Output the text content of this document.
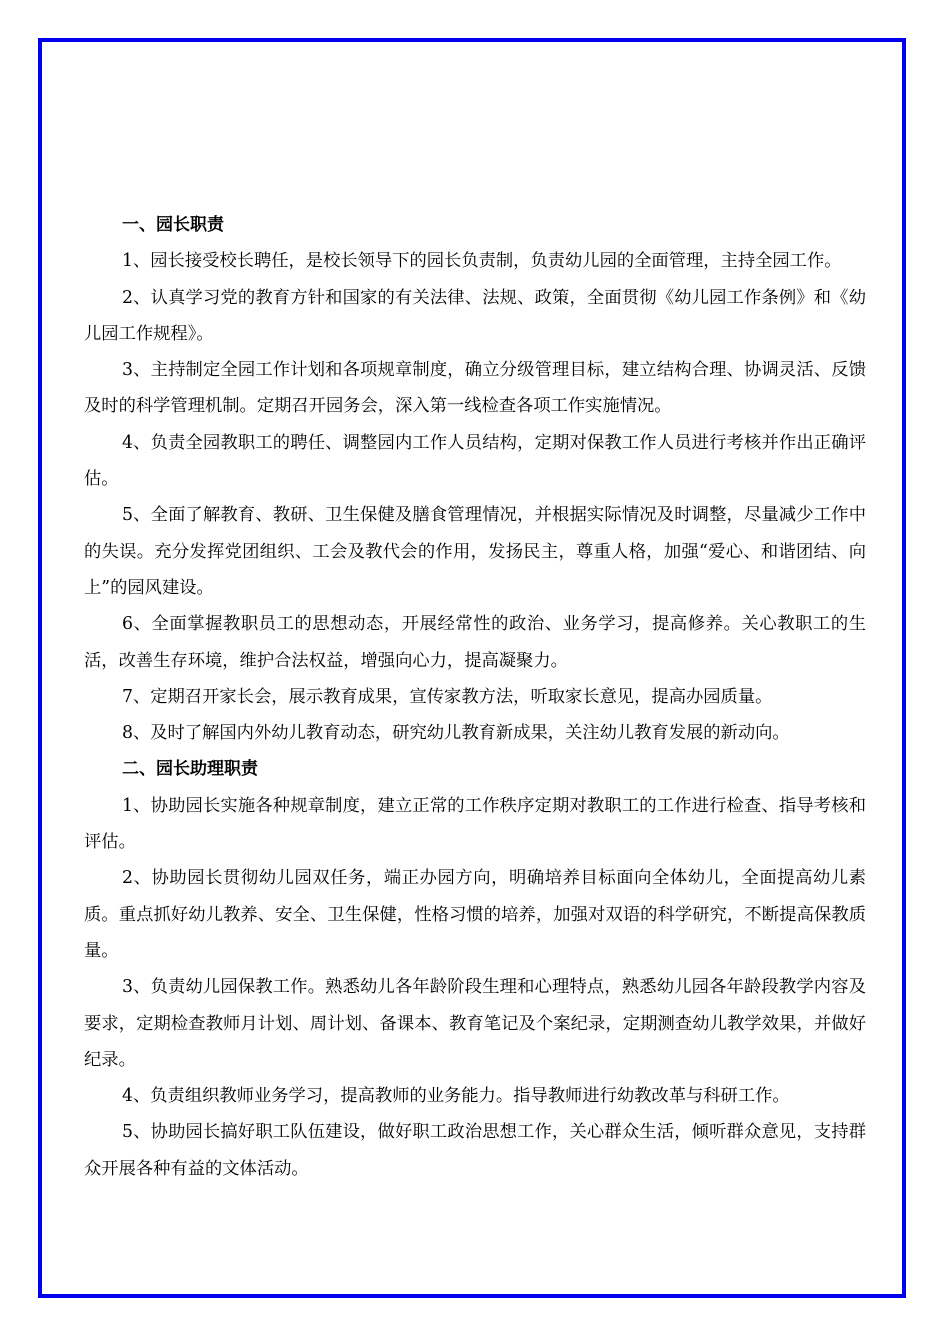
一、园长职责

1、园长接受校长聘任，是校长领导下的园长负责制，负责幼儿园的全面管理，主持全园工作。

2、认真学习党的教育方针和国家的有关法律、法规、政策，全面贯彻《幼儿园工作条例》和《幼儿园工作规程》。

3、主持制定全园工作计划和各项规章制度，确立分级管理目标，建立结构合理、协调灵活、反馈及时的科学管理机制。定期召开园务会，深入第一线检查各项工作实施情况。

4、负责全园教职工的聘任、调整园内工作人员结构，定期对保教工作人员进行考核并作出正确评估。

5、全面了解教育、教研、卫生保健及膳食管理情况，并根据实际情况及时调整，尽量减少工作中的失误。充分发挥党团组织、工会及教代会的作用，发扬民主，尊重人格，加强“爱心、和谐团结、向上”的园风建设。

6、全面掌握教职员工的思想动态，开展经常性的政治、业务学习，提高修养。关心教职工的生活，改善生存环境，维护合法权益，增强向心力，提高凝聚力。

7、定期召开家长会，展示教育成果，宣传家教方法，听取家长意见，提高办园质量。

8、及时了解国内外幼儿教育动态，研究幼儿教育新成果，关注幼儿教育发展的新动向。

二、园长助理职责

1、协助园长实施各种规章制度，建立正常的工作秩序定期对教职工的工作进行检查、指导考核和评估。

2、协助园长贯彻幼儿园双任务，端正办园方向，明确培养目标面向全体幼儿，全面提高幼儿素质。重点抓好幼儿教养、安全、卫生保健，性格习惯的培养，加强对双语的科学研究，不断提高保教质量。

3、负责幼儿园保教工作。熟悉幼儿各年龄阶段生理和心理特点，熟悉幼儿园各年龄段教学内容及要求，定期检查教师月计划、周计划、备课本、教育笔记及个案纪录，定期测查幼儿教学效果，并做好纪录。

4、负责组织教师业务学习，提高教师的业务能力。指导教师进行幼教改革与科研工作。

5、协助园长搞好职工队伍建设，做好职工政治思想工作，关心群众生活，倾听群众意见，支持群众开展各种有益的文体活动。
